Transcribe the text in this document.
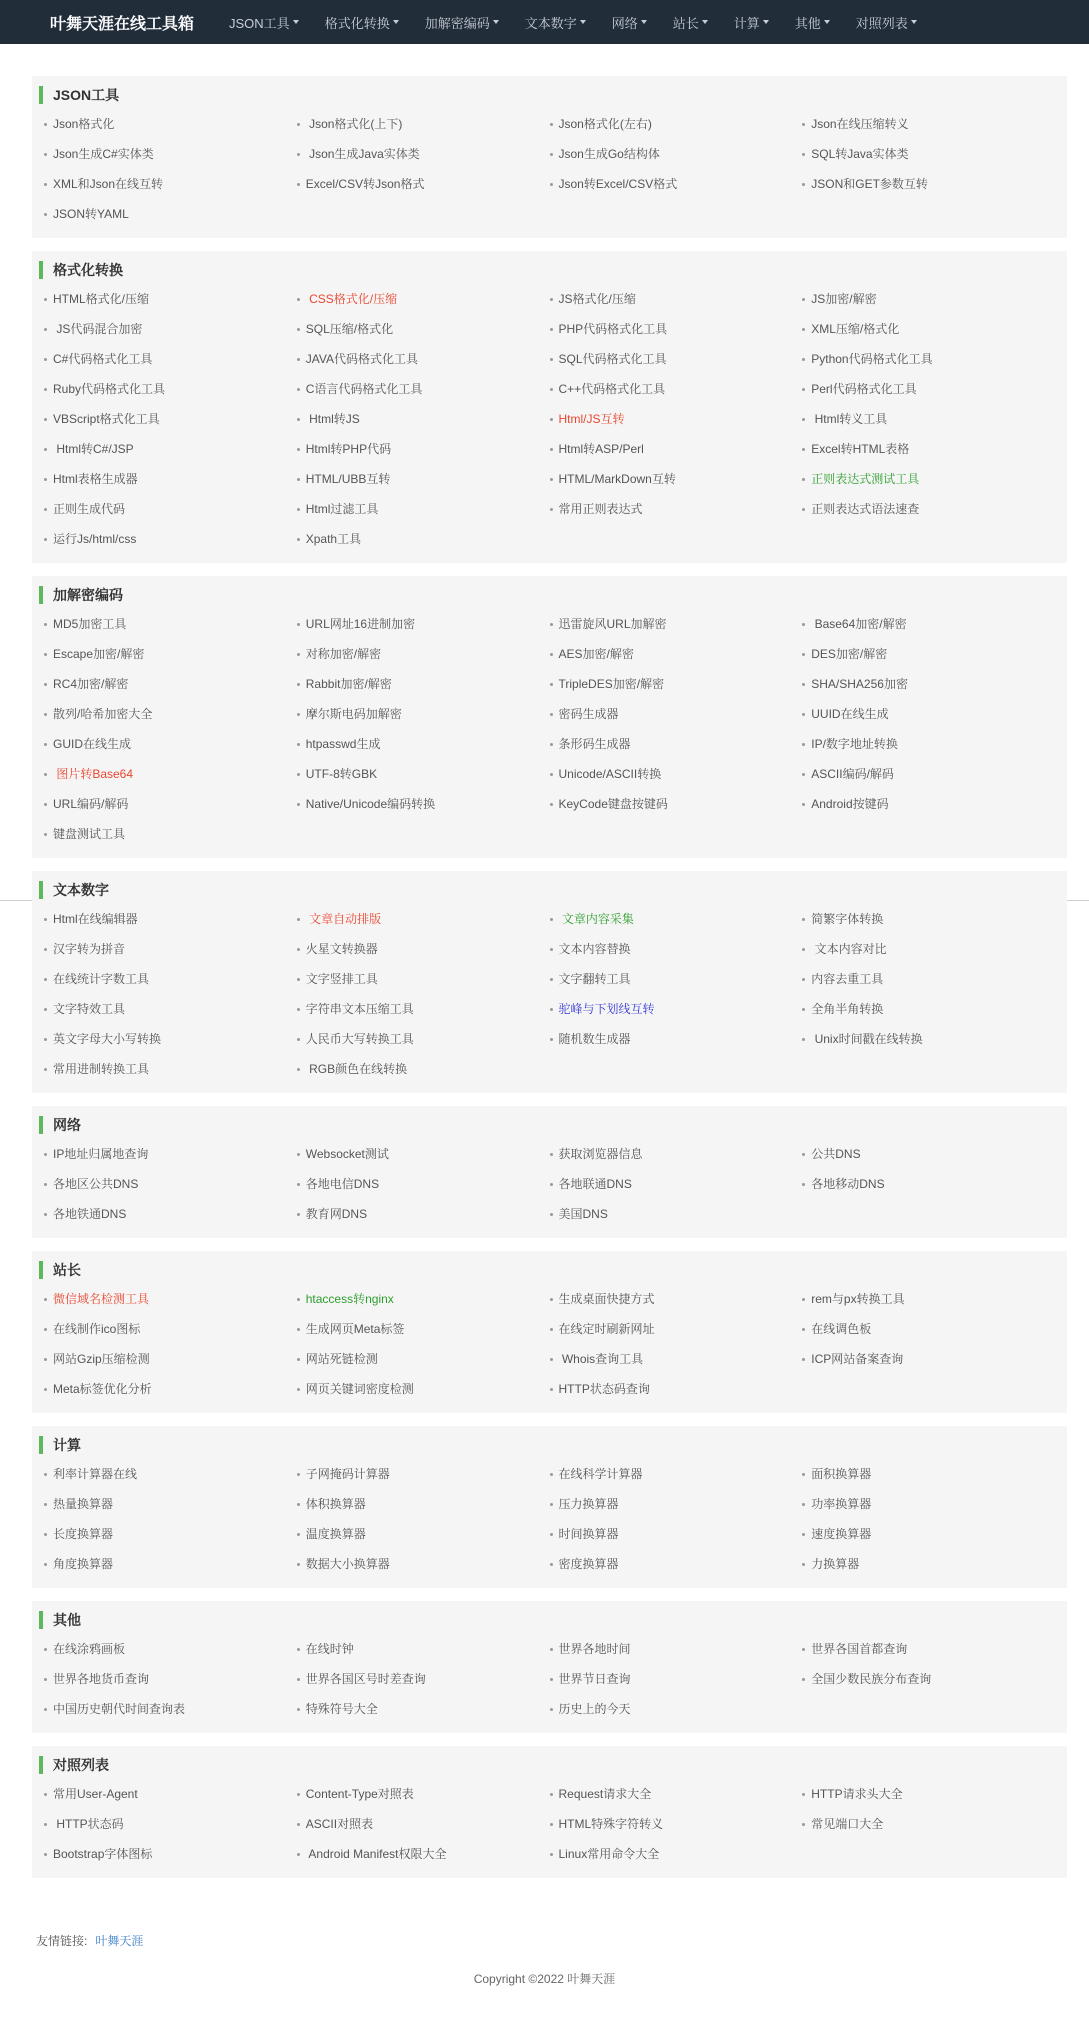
叶舞天涯在线工具箱	JSON工具	格式化转换	加解密编码	文本数字	网络	站长	计算	其他	对照列表
JSON工具
Json格式化	Json格式化(上下)	Json格式化(左右)	Json在线压缩转义
Json生成C#实体类	Json生成Java实体类	Json生成Go结构体	SQL转Java实体类
XML和Json在线互转	Excel/CSV转Json格式	Json转Excel/CSV格式	JSON和GET参数互转
JSON转YAML
格式化转换
HTML格式化/压缩	CSS格式化/压缩	JS格式化/压缩	JS加密/解密
JS代码混合加密	SQL压缩/格式化	PHP代码格式化工具	XML压缩/格式化
C#代码格式化工具	JAVA代码格式化工具	SQL代码格式化工具	Python代码格式化工具
Ruby代码格式化工具	C语言代码格式化工具	C++代码格式化工具	Perl代码格式化工具
VBScript格式化工具	Html转JS	Html/JS互转	Html转义工具
Html转C#/JSP	Html转PHP代码	Html转ASP/Perl	Excel转HTML表格
Html表格生成器	HTML/UBB互转	HTML/MarkDown互转	正则表达式测试工具
正则生成代码	Html过滤工具	常用正则表达式	正则表达式语法速查
运行Js/html/css	Xpath工具
加解密编码
MD5加密工具	URL网址16进制加密	迅雷旋风URL加解密	Base64加密/解密
Escape加密/解密	对称加密/解密	AES加密/解密	DES加密/解密
RC4加密/解密	Rabbit加密/解密	TripleDES加密/解密	SHA/SHA256加密
散列/哈希加密大全	摩尔斯电码加解密	密码生成器	UUID在线生成
GUID在线生成	htpasswd生成	条形码生成器	IP/数字地址转换
图片转Base64	UTF-8转GBK	Unicode/ASCII转换	ASCII编码/解码
URL编码/解码	Native/Unicode编码转换	KeyCode键盘按键码	Android按键码
键盘测试工具
文本数字
Html在线编辑器	文章自动排版	文章内容采集	简繁字体转换
汉字转为拼音	火星文转换器	文本内容替换	文本内容对比
在线统计字数工具	文字竖排工具	文字翻转工具	内容去重工具
文字特效工具	字符串文本压缩工具	驼峰与下划线互转	全角半角转换
英文字母大小写转换	人民币大写转换工具	随机数生成器	Unix时间戳在线转换
常用进制转换工具	RGB颜色在线转换
网络
IP地址归属地查询	Websocket测试	获取浏览器信息	公共DNS
各地区公共DNS	各地电信DNS	各地联通DNS	各地移动DNS
各地铁通DNS	教育网DNS	美国DNS
站长
微信域名检测工具	htaccess转nginx	生成桌面快捷方式	rem与px转换工具
在线制作ico图标	生成网页Meta标签	在线定时刷新网址	在线调色板
网站Gzip压缩检测	网站死链检测	Whois查询工具	ICP网站备案查询
Meta标签优化分析	网页关键词密度检测	HTTP状态码查询
计算
利率计算器在线	子网掩码计算器	在线科学计算器	面积换算器
热量换算器	体积换算器	压力换算器	功率换算器
长度换算器	温度换算器	时间换算器	速度换算器
角度换算器	数据大小换算器	密度换算器	力换算器
其他
在线涂鸦画板	在线时钟	世界各地时间	世界各国首都查询
世界各地货币查询	世界各国区号时差查询	世界节日查询	全国少数民族分布查询
中国历史朝代时间查询表	特殊符号大全	历史上的今天
对照列表
常用User-Agent	Content-Type对照表	Request请求大全	HTTP请求头大全
HTTP状态码	ASCII对照表	HTML特殊字符转义	常见端口大全
Bootstrap字体图标	Android Manifest权限大全	Linux常用命令大全
友情链接: 叶舞天涯
Copyright ©2022 叶舞天涯
